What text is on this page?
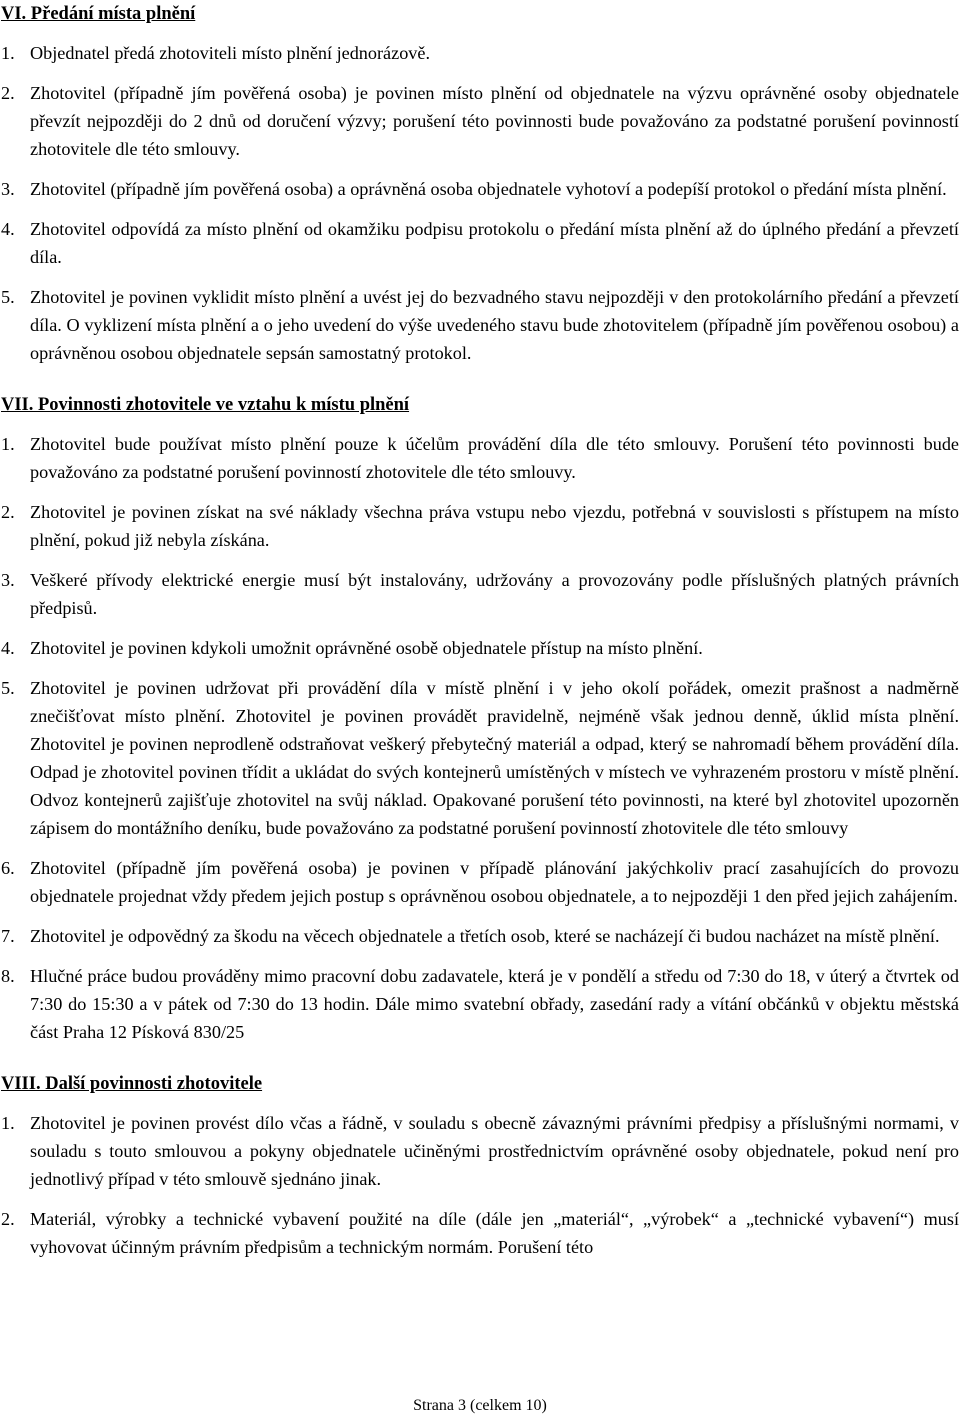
VI. Předání místa plnění

1. Objednatel předá zhotoviteli místo plnění jednorázově.

2. Zhotovitel (případně jím pověřená osoba) je povinen místo plnění od objednatele na výzvu oprávněné osoby objednatele převzít nejpozději do 2 dnů od doručení výzvy; porušení této povinnosti bude považováno za podstatné porušení povinností zhotovitele dle této smlouvy.

3. Zhotovitel (případně jím pověřená osoba) a oprávněná osoba objednatele vyhotoví a podepíší protokol o předání místa plnění.

4. Zhotovitel odpovídá za místo plnění od okamžiku podpisu protokolu o předání místa plnění až do úplného předání a převzetí díla.

5. Zhotovitel je povinen vyklidit místo plnění a uvést jej do bezvadného stavu nejpozději v den protokolárního předání a převzetí díla. O vyklizení místa plnění a o jeho uvedení do výše uvedeného stavu bude zhotovitelem (případně jím pověřenou osobou) a oprávněnou osobou objednatele sepsán samostatný protokol.

VII. Povinnosti zhotovitele ve vztahu k místu plnění

1. Zhotovitel bude používat místo plnění pouze k účelům provádění díla dle této smlouvy. Porušení této povinnosti bude považováno za podstatné porušení povinností zhotovitele dle této smlouvy.

2. Zhotovitel je povinen získat na své náklady všechna práva vstupu nebo vjezdu, potřebná v souvislosti s přístupem na místo plnění, pokud již nebyla získána.

3. Veškeré přívody elektrické energie musí být instalovány, udržovány a provozovány podle příslušných platných právních předpisů.

4. Zhotovitel je povinen kdykoli umožnit oprávněné osobě objednatele přístup na místo plnění.

5. Zhotovitel je povinen udržovat při provádění díla v místě plnění i v jeho okolí pořádek, omezit prašnost a nadměrně znečišťovat místo plnění. Zhotovitel je povinen provádět pravidelně, nejméně však jednou denně, úklid místa plnění. Zhotovitel je povinen neprodleně odstraňovat veškerý přebytečný materiál a odpad, který se nahromadí během provádění díla. Odpad je zhotovitel povinen třídit a ukládat do svých kontejnerů umístěných v místech ve vyhrazeném prostoru v místě plnění. Odvoz kontejnerů zajišťuje zhotovitel na svůj náklad. Opakované porušení této povinnosti, na které byl zhotovitel upozorněn zápisem do montážního deníku, bude považováno za podstatné porušení povinností zhotovitele dle této smlouvy

6. Zhotovitel (případně jím pověřená osoba) je povinen v případě plánování jakýchkoliv prací zasahujících do provozu objednatele projednat vždy předem jejich postup s oprávněnou osobou objednatele, a to nejpozději 1 den před jejich zahájením.

7. Zhotovitel je odpovědný za škodu na věcech objednatele a třetích osob, které se nacházejí či budou nacházet na místě plnění.

8. Hlučné práce budou prováděny mimo pracovní dobu zadavatele, která je v pondělí a středu od 7:30 do 18, v úterý a čtvrtek od 7:30 do 15:30 a v pátek od 7:30 do 13 hodin. Dále mimo svatební obřady, zasedání rady a vítání občánků v objektu městská část Praha 12 Písková 830/25

VIII. Další povinnosti zhotovitele

1. Zhotovitel je povinen provést dílo včas a řádně, v souladu s obecně závaznými právními předpisy a příslušnými normami, v souladu s touto smlouvou a pokyny objednatele učiněnými prostřednictvím oprávněné osoby objednatele, pokud není pro jednotlivý případ v této smlouvě sjednáno jinak.

2. Materiál, výrobky a technické vybavení použité na díle (dále jen „materiál“, „výrobek“ a „technické vybavení“) musí vyhovovat účinným právním předpisům a technickým normám. Porušení této

Strana 3 (celkem 10)
